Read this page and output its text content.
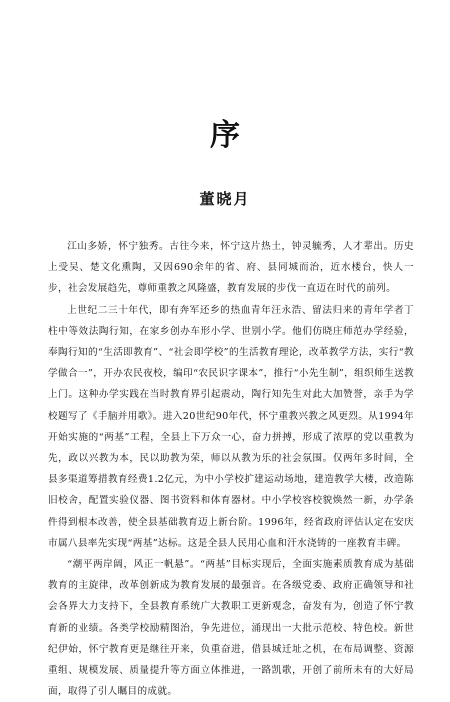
序
董晓月

江山多娇，怀宁独秀。古往今来，怀宁这片热土，钟灵毓秀，人才辈出。历史上受吴、楚文化熏陶，又因690余年的省、府、县同城而治，近水楼台，快人一步，社会发展趋先，尊师重教之风隆盛，教育发展的步伐一直迈在时代的前列。

上世纪二三十年代，即有奔军还乡的热血青年汪永浩、留法归来的青年学者丁柱中等效法陶行知，在家乡创办车形小学、世别小学。他们仿晓庄师范办学经验，奉陶行知的“生活即教育”、“社会即学校”的生活教育理论，改革教学方法，实行“教学做合一”，开办农民夜校，编印“农民识字课本”，推行“小先生制”，组织师生送教上门。这种办学实践在当时教育界引起震动，陶行知先生对此大加赞誉，亲手为学校题写了《手脑并用歌》。进入20世纪90年代，怀宁重教兴教之风更烈。从1994年开始实施的“两基”工程，全县上下万众一心，奋力拼搏，形成了浓厚的党以重教为先，政以兴教为本，民以助教为荣，师以从教为乐的社会氛围。仅两年多时间，全县多渠道筹措教育经费1.2亿元，为中小学校扩建运动场地，建造教学大楼，改造陈旧校舍，配置实验仪器、图书资料和体育器材。中小学校容校貌焕然一新，办学条件得到根本改善，使全县基础教育迈上新台阶。1996年，经省政府评估认定在安庆市属八县率先实现“两基”达标。这是全县人民用心血和汗水浇铸的一座教育丰碑。

“潮平两岸阔，风正一帆悬”。“两基”目标实现后，全面实施素质教育成为基础教育的主旋律，改革创新成为教育发展的最强音。在各级党委、政府正确领导和社会各界大力支持下，全县教育系统广大教职工更新观念，奋发有为，创造了怀宁教育新的业绩。各类学校励精图治，争先进位，涌现出一大批示范校、特色校。新世纪伊始，怀宁教育更是继往开来，负重奋进，借县城迁址之机，在布局调整、资源重组、规模发展、质量提升等方面立体推进，一路凯歌，开创了前所未有的大好局面，取得了引人瞩目的成就。
